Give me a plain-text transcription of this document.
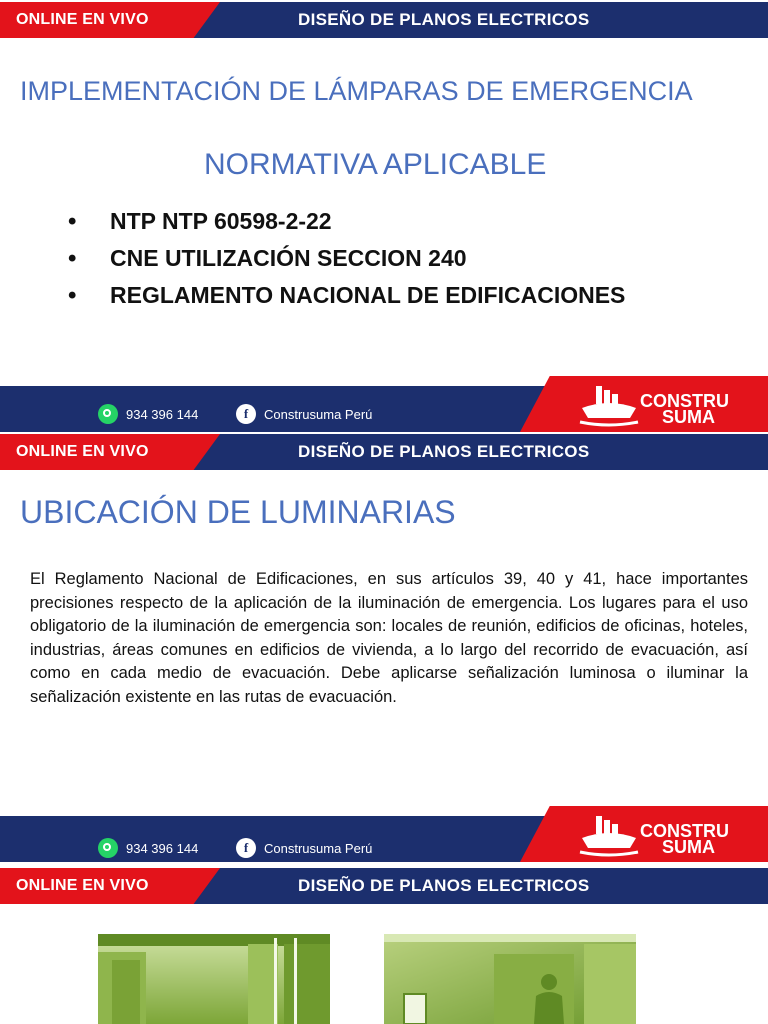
ONLINE EN VIVO	DISEÑO DE PLANOS ELECTRICOS
IMPLEMENTACIÓN DE LÁMPARAS DE EMERGENCIA
NORMATIVA APLICABLE
• NTP NTP 60598-2-22
• CNE UTILIZACIÓN SECCION 240
• REGLAMENTO NACIONAL DE EDIFICACIONES
934 396 144	f	Construsuma Perú
CONSTRU
SUMA
ONLINE EN VIVO	DISEÑO DE PLANOS ELECTRICOS
UBICACIÓN DE LUMINARIAS
El Reglamento Nacional de Edificaciones, en sus artículos 39, 40 y 41, hace importantes precisiones respecto de la aplicación de la iluminación de emergencia. Los lugares para el uso obligatorio de la iluminación de emergencia son: locales de reunión, edificios de oficinas, hoteles, industrias, áreas comunes en edificios de vivienda, a lo largo del recorrido de evacuación, así como en cada medio de evacuación. Debe aplicarse señalización luminosa o iluminar la señalización existente en las rutas de evacuación.
934 396 144	f	Construsuma Perú
CONSTRU
SUMA
ONLINE EN VIVO	DISEÑO DE PLANOS ELECTRICOS
